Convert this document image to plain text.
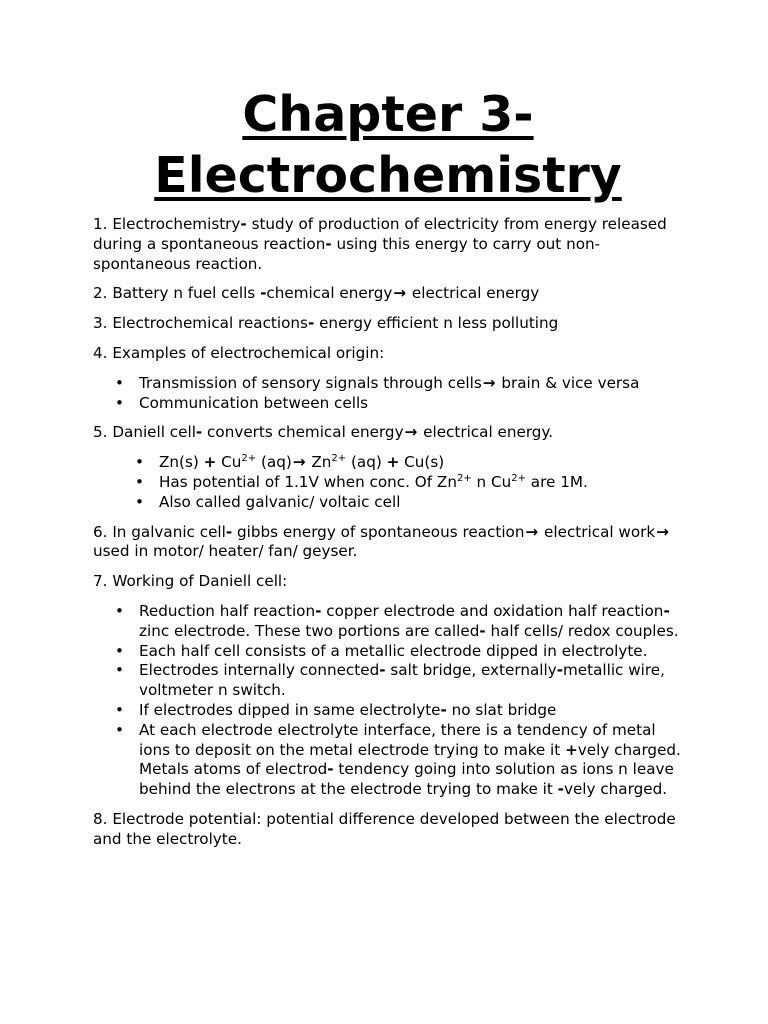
Chapter 3-
Electrochemistry

1. Electrochemistry- study of production of electricity from energy released during a spontaneous reaction- using this energy to carry out non-spontaneous reaction.

2. Battery n fuel cells -chemical energy→ electrical energy

3. Electrochemical reactions- energy efficient n less polluting

4. Examples of electrochemical origin:

• Transmission of sensory signals through cells→ brain & vice versa
• Communication between cells

5. Daniell cell- converts chemical energy→ electrical energy.

• $Zn(s) + Cu^{2+}$ $(aq)\to Zn^{2+}$ (aq) + Cu(s)
• Has potential of 1.1V when conc. Of $Zn^{2+}$ n $Cu^{2+}$ are 1M.
• Also called galvanic/ voltaic cell

6. In galvanic cell- gibbs energy of spontaneous reaction→ electrical work→ used in motor/ heater/ fan/ geyser.

7. Working of Daniell cell:

• Reduction half reaction- copper electrode and oxidation half reaction- zinc electrode. These two portions are called- half cells/ redox couples.
• Each half cell consists of a metallic electrode dipped in electrolyte.
• Electrodes internally connected- salt bridge, externally-metallic wire, voltmeter n switch.
• If electrodes dipped in same electrolyte- no slat bridge
• At each electrode electrolyte interface, there is a tendency of metal ions to deposit on the metal electrode trying to make it +vely charged. Metals atoms of electrod- tendency going into solution as ions n leave behind the electrons at the electrode trying to make it -vely charged.

8. Electrode potential: potential difference developed between the electrode and the electrolyte.
